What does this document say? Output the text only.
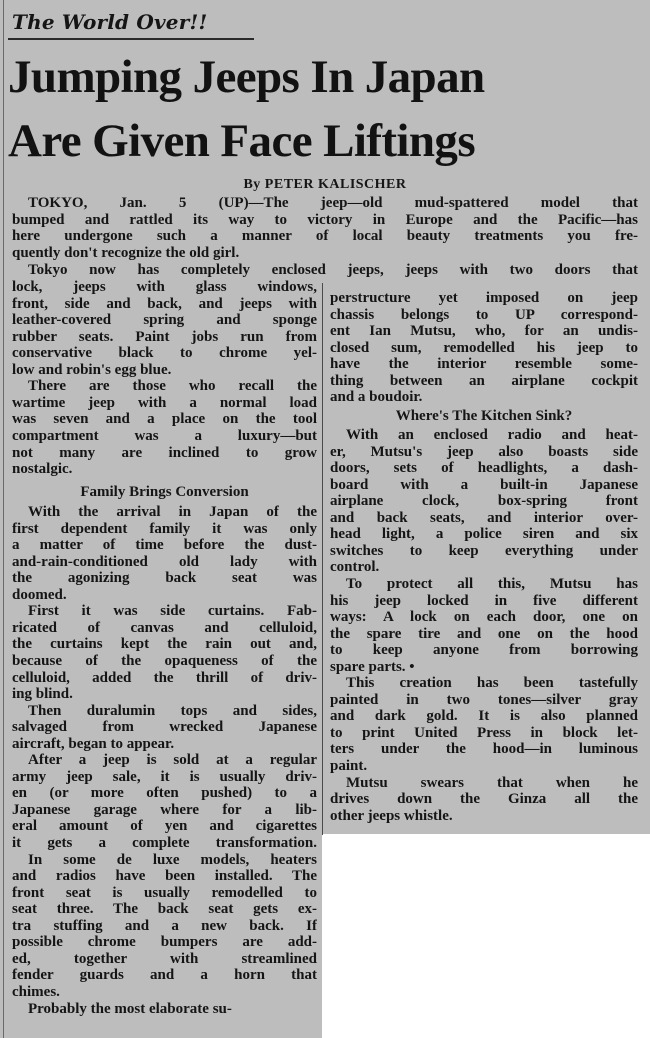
The World Over!!
Jumping Jeeps In Japan
Are Given Face Liftings
By PETER KALISCHER
TOKYO, Jan. 5 (UP)—The jeep—old mud-spattered model that
bumped and rattled its way to victory in Europe and the Pacific—has
here undergone such a manner of local beauty treatments you fre-
quently don't recognize the old girl.
Tokyo now has completely enclosed jeeps, jeeps with two doors that
lock, jeeps with glass windows,
front, side and back, and jeeps with
leather-covered spring and sponge
rubber seats. Paint jobs run from
conservative black to chrome yel-
low and robin's egg blue.
There are those who recall the
wartime jeep with a normal load
was seven and a place on the tool
compartment was a luxury—but
not many are inclined to grow
nostalgic.
Family Brings Conversion
With the arrival in Japan of the
first dependent family it was only
a matter of time before the dust-
and-rain-conditioned old lady with
the agonizing back seat was
doomed.
First it was side curtains. Fab-
ricated of canvas and celluloid,
the curtains kept the rain out and,
because of the opaqueness of the
celluloid, added the thrill of driv-
ing blind.
Then duralumin tops and sides,
salvaged from wrecked Japanese
aircraft, began to appear.
After a jeep is sold at a regular
army jeep sale, it is usually driv-
en (or more often pushed) to a
Japanese garage where for a lib-
eral amount of yen and cigarettes
it gets a complete transformation.
In some de luxe models, heaters
and radios have been installed. The
front seat is usually remodelled to
seat three. The back seat gets ex-
tra stuffing and a new back. If
possible chrome bumpers are add-
ed, together with streamlined
fender guards and a horn that
chimes.
Probably the most elaborate su-
perstructure yet imposed on jeep
chassis belongs to UP correspond-
ent Ian Mutsu, who, for an undis-
closed sum, remodelled his jeep to
have the interior resemble some-
thing between an airplane cockpit
and a boudoir.
Where's The Kitchen Sink?
With an enclosed radio and heat-
er, Mutsu's jeep also boasts side
doors, sets of headlights, a dash-
board with a built-in Japanese
airplane clock, box-spring front
and back seats, and interior over-
head light, a police siren and six
switches to keep everything under
control.
To protect all this, Mutsu has
his jeep locked in five different
ways: A lock on each door, one on
the spare tire and one on the hood
to keep anyone from borrowing
spare parts. •
This creation has been tastefully
painted in two tones—silver gray
and dark gold. It is also planned
to print United Press in block let-
ters under the hood—in luminous
paint.
Mutsu swears that when he
drives down the Ginza all the
other jeeps whistle.
